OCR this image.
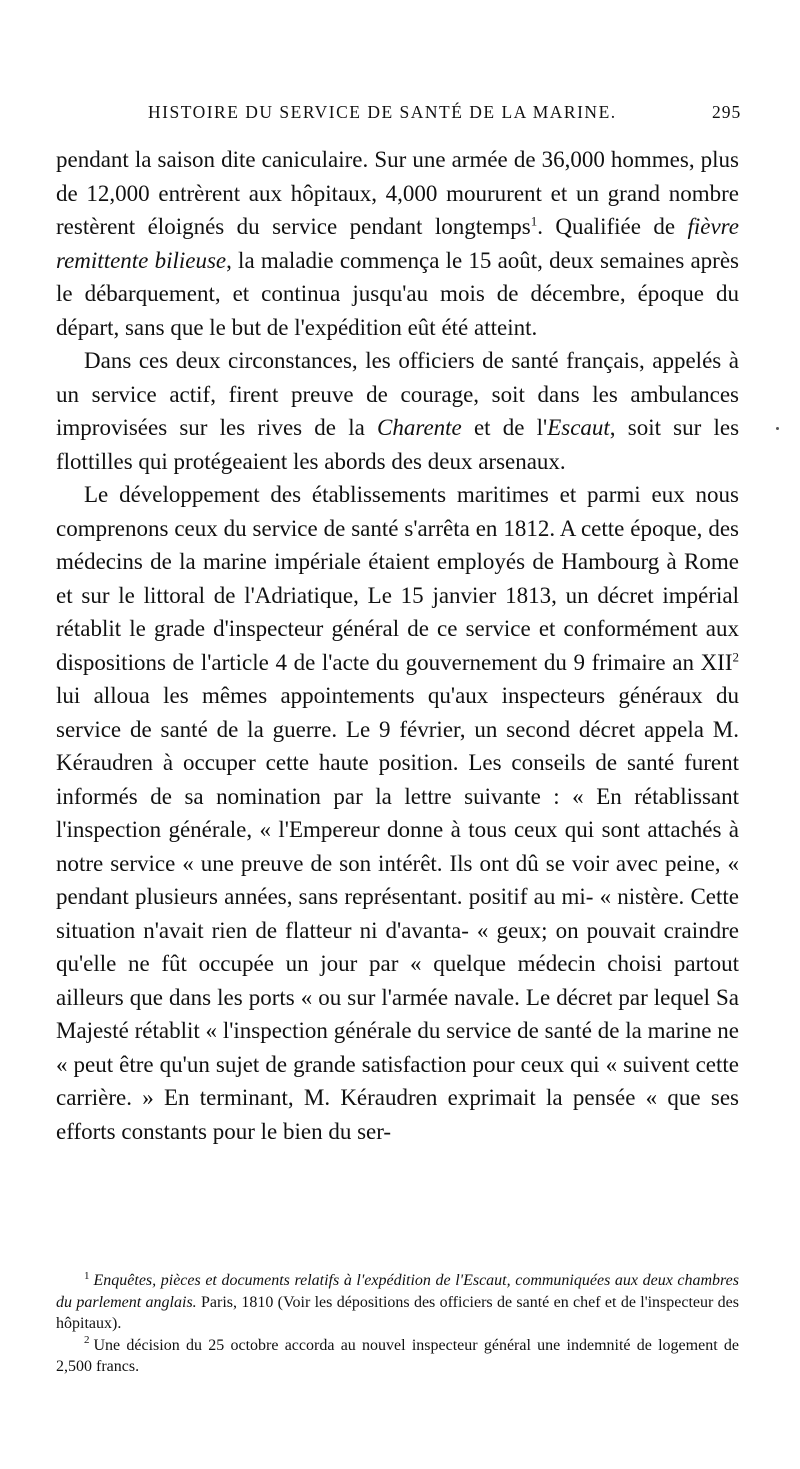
HISTOIRE DU SERVICE DE SANTÉ DE LA MARINE.	295

pendant la saison dite caniculaire. Sur une armée de 36,000 hommes, plus de 12,000 entrèrent aux hôpitaux, 4,000 moururent et un grand nombre restèrent éloignés du service pendant longtemps$^1$. Qualifiée de fièvre remittente bilieuse, la maladie commença le 15 août, deux semaines après le débarquement, et continua jusqu'au mois de décembre, époque du départ, sans que le but de l'expédition eût été atteint.

Dans ces deux circonstances, les officiers de santé français, appelés à un service actif, firent preuve de courage, soit dans les ambulances improvisées sur les rives de la Charente et de l'Escaut, soit sur les flottilles qui protégeaient les abords des deux arsenaux.

Le développement des établissements maritimes et parmi eux nous comprenons ceux du service de santé s'arrêta en 1812. A cette époque, des médecins de la marine impériale étaient employés de Hambourg à Rome et sur le littoral de l'Adriatique, Le 15 janvier 1813, un décret impérial rétablit le grade d'inspecteur général de ce service et conformément aux dispositions de l'article 4 de l'acte du gouvernement du 9 frimaire an XII$^2$ lui alloua les mêmes appointements qu'aux inspecteurs généraux du service de santé de la guerre. Le 9 février, un second décret appela M. Kéraudren à occuper cette haute position. Les conseils de santé furent informés de sa nomination par la lettre suivante : « En rétablissant l'inspection générale, « l'Empereur donne à tous ceux qui sont attachés à notre service « une preuve de son intérêt. Ils ont dû se voir avec peine, « pendant plusieurs années, sans représentant. positif au mi- « nistère. Cette situation n'avait rien de flatteur ni d'avanta- « geux; on pouvait craindre qu'elle ne fût occupée un jour par « quelque médecin choisi partout ailleurs que dans les ports « ou sur l'armée navale. Le décret par lequel Sa Majesté rétablit « l'inspection générale du service de santé de la marine ne « peut être qu'un sujet de grande satisfaction pour ceux qui « suivent cette carrière. » En terminant, M. Kéraudren exprimait la pensée « que ses efforts constants pour le bien du ser-

$^1$ Enquêtes, pièces et documents relatifs à l'expédition de l'Escaut, communiquées aux deux chambres du parlement anglais. Paris, 1810 (Voir les dépositions des officiers de santé en chef et de l'inspecteur des hôpitaux).

$^2$ Une décision du 25 octobre accorda au nouvel inspecteur général une indemnité de logement de 2,500 francs.
